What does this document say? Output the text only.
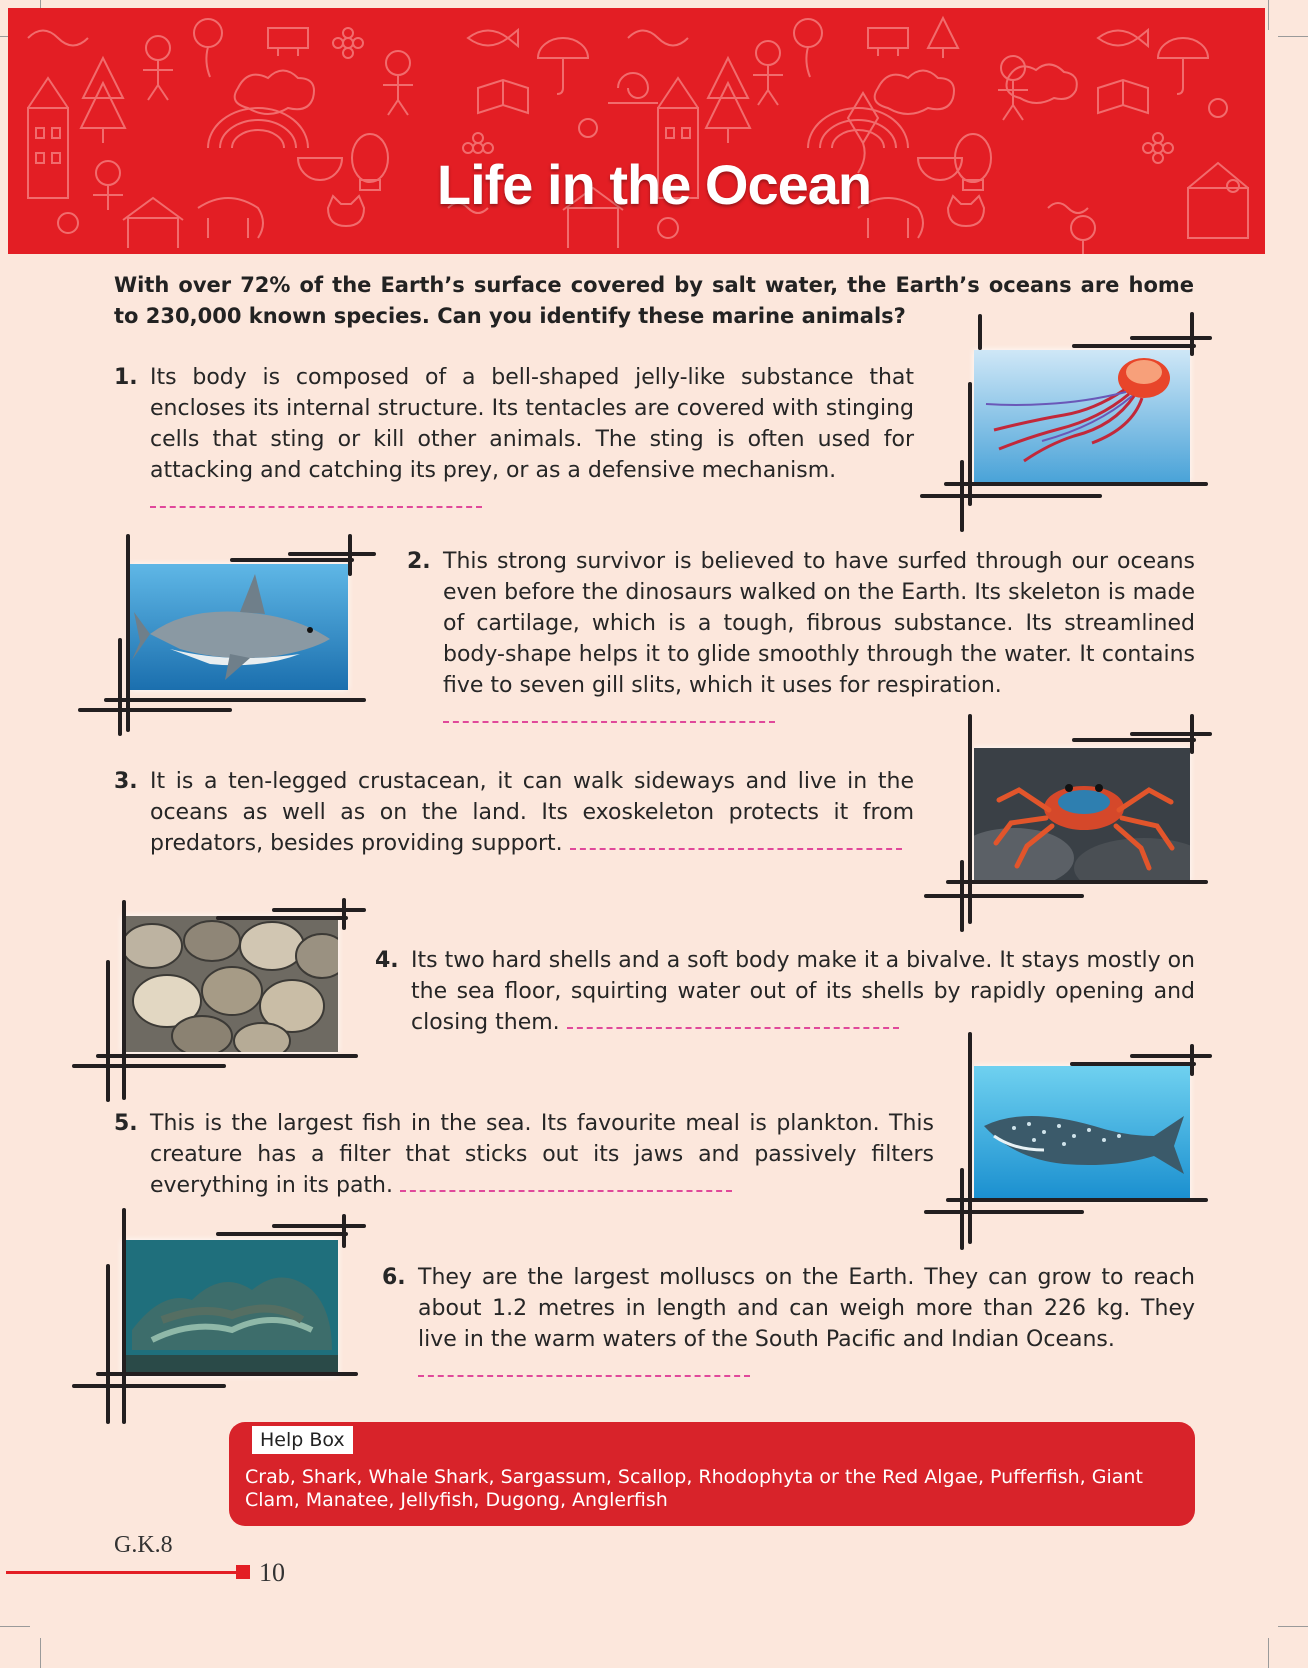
Life in the Ocean
With over 72% of the Earth’s surface covered by salt water, the Earth’s oceans are home to 230,000 known species. Can you identify these marine animals?
1. Its body is composed of a bell-shaped jelly-like substance that encloses its internal structure. Its tentacles are covered with stinging cells that sting or kill other animals. The sting is often used for attacking and catching its prey, or as a defensive mechanism.
2. This strong survivor is believed to have surfed through our oceans even before the dinosaurs walked on the Earth. Its skeleton is made of cartilage, which is a tough, fibrous substance. Its streamlined body-shape helps it to glide smoothly through the water. It contains five to seven gill slits, which it uses for respiration.
3. It is a ten-legged crustacean, it can walk sideways and live in the oceans as well as on the land. Its exoskeleton protects it from predators, besides providing support.
4. Its two hard shells and a soft body make it a bivalve. It stays mostly on the sea floor, squirting water out of its shells by rapidly opening and closing them.
5. This is the largest fish in the sea. Its favourite meal is plankton. This creature has a filter that sticks out its jaws and passively filters everything in its path.
6. They are the largest molluscs on the Earth. They can grow to reach about 1.2 metres in length and can weigh more than 226 kg. They live in the warm waters of the South Pacific and Indian Oceans.
Help Box
Crab, Shark, Whale Shark, Sargassum, Scallop, Rhodophyta or the Red Algae, Pufferfish, Giant Clam, Manatee, Jellyfish, Dugong, Anglerfish
G.K.8
10
